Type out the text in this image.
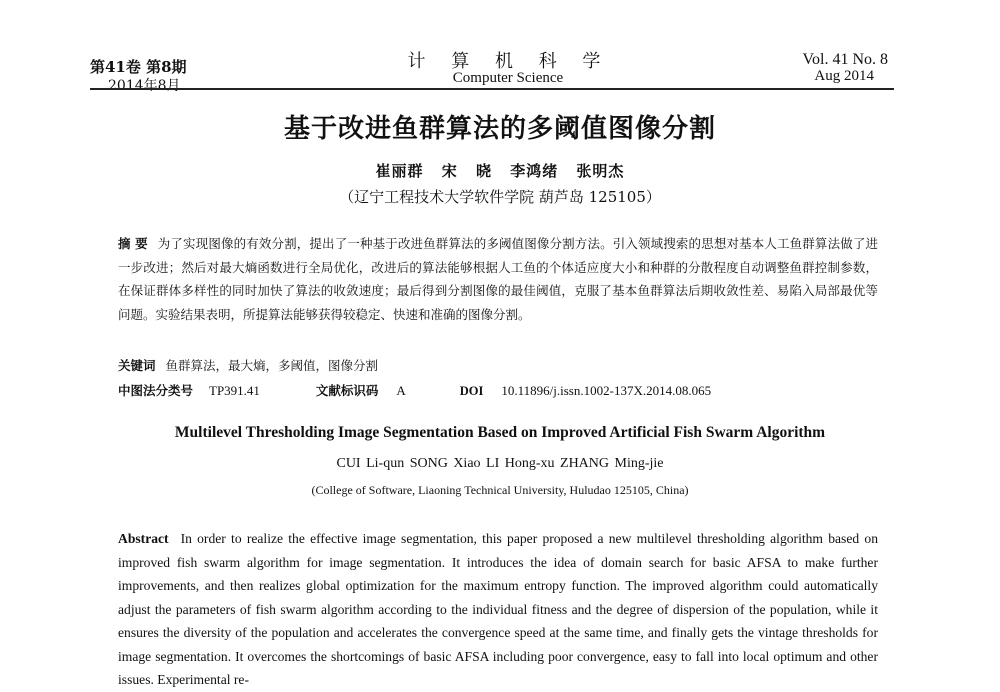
第41卷 第8期
2014年8月
计 算 机 科 学
Computer Science
Vol. 41 No. 8
Aug 2014
基于改进鱼群算法的多阈值图像分割
崔丽群 宋 晓 李鸿绪 张明杰
（辽宁工程技术大学软件学院 葫芦岛 125105）
摘 要 为了实现图像的有效分割，提出了一种基于改进鱼群算法的多阈值图像分割方法。引入领域搜索的思想对基本人工鱼群算法做了进一步改进；然后对最大熵函数进行全局优化，改进后的算法能够根据人工鱼的个体适应度大小和种群的分散程度自动调整鱼群控制参数，在保证群体多样性的同时加快了算法的收敛速度；最后得到分割图像的最佳阈值，克服了基本鱼群算法后期收敛性差、易陷入局部最优等问题。实验结果表明，所提算法能够获得较稳定、快速和准确的图像分割。
关键词 鱼群算法，最大熵，多阈值，图像分割
中图法分类号 TP391.41	文献标识码 A	DOI 10.11896/j.issn.1002-137X.2014.08.065
Multilevel Thresholding Image Segmentation Based on Improved Artificial Fish Swarm Algorithm
CUI Li-qun SONG Xiao LI Hong-xu ZHANG Ming-jie
(College of Software, Liaoning Technical University, Huludao 125105, China)
Abstract In order to realize the effective image segmentation, this paper proposed a new multilevel thresholding algorithm based on improved fish swarm algorithm for image segmentation. It introduces the idea of domain search for basic AFSA to make further improvements, and then realizes global optimization for the maximum entropy function. The improved algorithm could automatically adjust the parameters of fish swarm algorithm according to the individual fitness and the degree of dispersion of the population, while it ensures the diversity of the population and accelerates the convergence speed at the same time, and finally gets the vintage thresholds for image segmentation. It overcomes the shortcomings of basic AFSA including poor convergence, easy to fall into local optimum and other issues. Experimental re-
